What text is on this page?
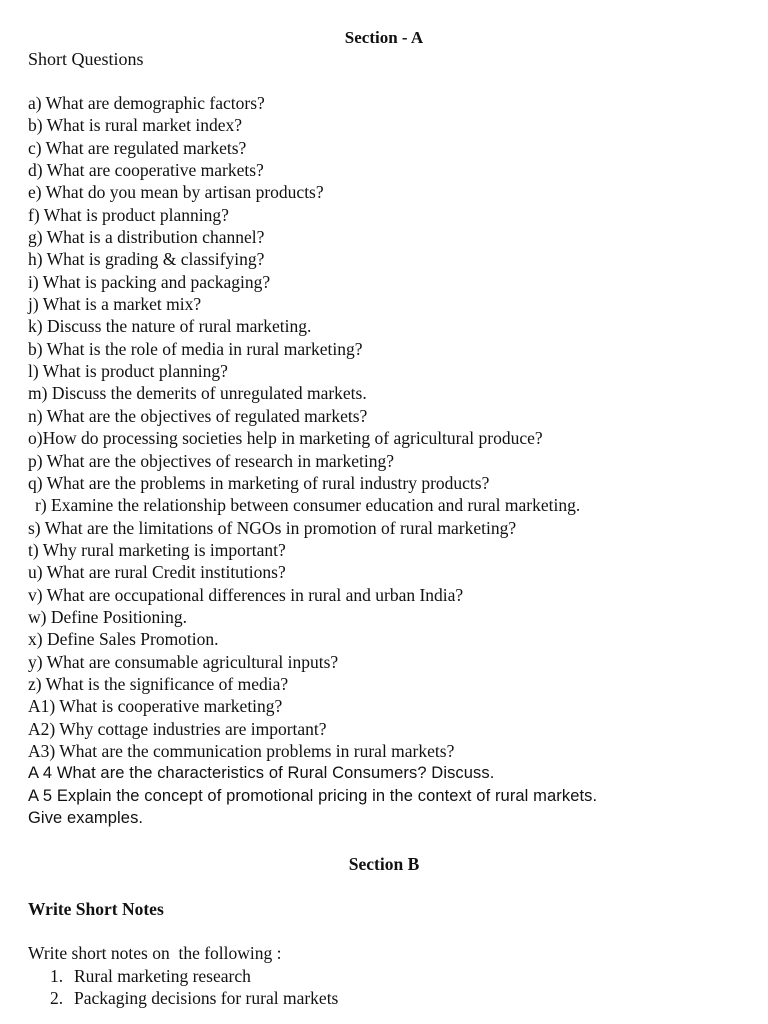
Section - A
Short Questions
a) What are demographic factors?
b) What is rural market index?
c) What are regulated markets?
d) What are cooperative markets?
e) What do you mean by artisan products?
f) What is product planning?
g) What is a distribution channel?
h) What is grading & classifying?
i) What is packing and packaging?
j) What is a market mix?
k) Discuss the nature of rural marketing.
b) What is the role of media in rural marketing?
l) What is product planning?
m) Discuss the demerits of unregulated markets.
n) What are the objectives of regulated markets?
o)How do processing societies help in marketing of agricultural produce?
p) What are the objectives of research in marketing?
q) What are the problems in marketing of rural industry products?
r) Examine the relationship between consumer education and rural marketing.
s) What are the limitations of NGOs in promotion of rural marketing?
t) Why rural marketing is important?
u) What are rural Credit institutions?
v) What are occupational differences in rural and urban India?
w) Define Positioning.
x) Define Sales Promotion.
y) What are consumable agricultural inputs?
z) What is the significance of media?
A1) What is cooperative marketing?
A2) Why cottage industries are important?
A3) What are the communication problems in rural markets?
A 4 What are the characteristics of Rural Consumers? Discuss.
A 5 Explain the concept of promotional pricing in the context of rural markets.
Give examples.
Section B
Write Short Notes
Write short notes on  the following :
1. Rural marketing research
2. Packaging decisions for rural markets
